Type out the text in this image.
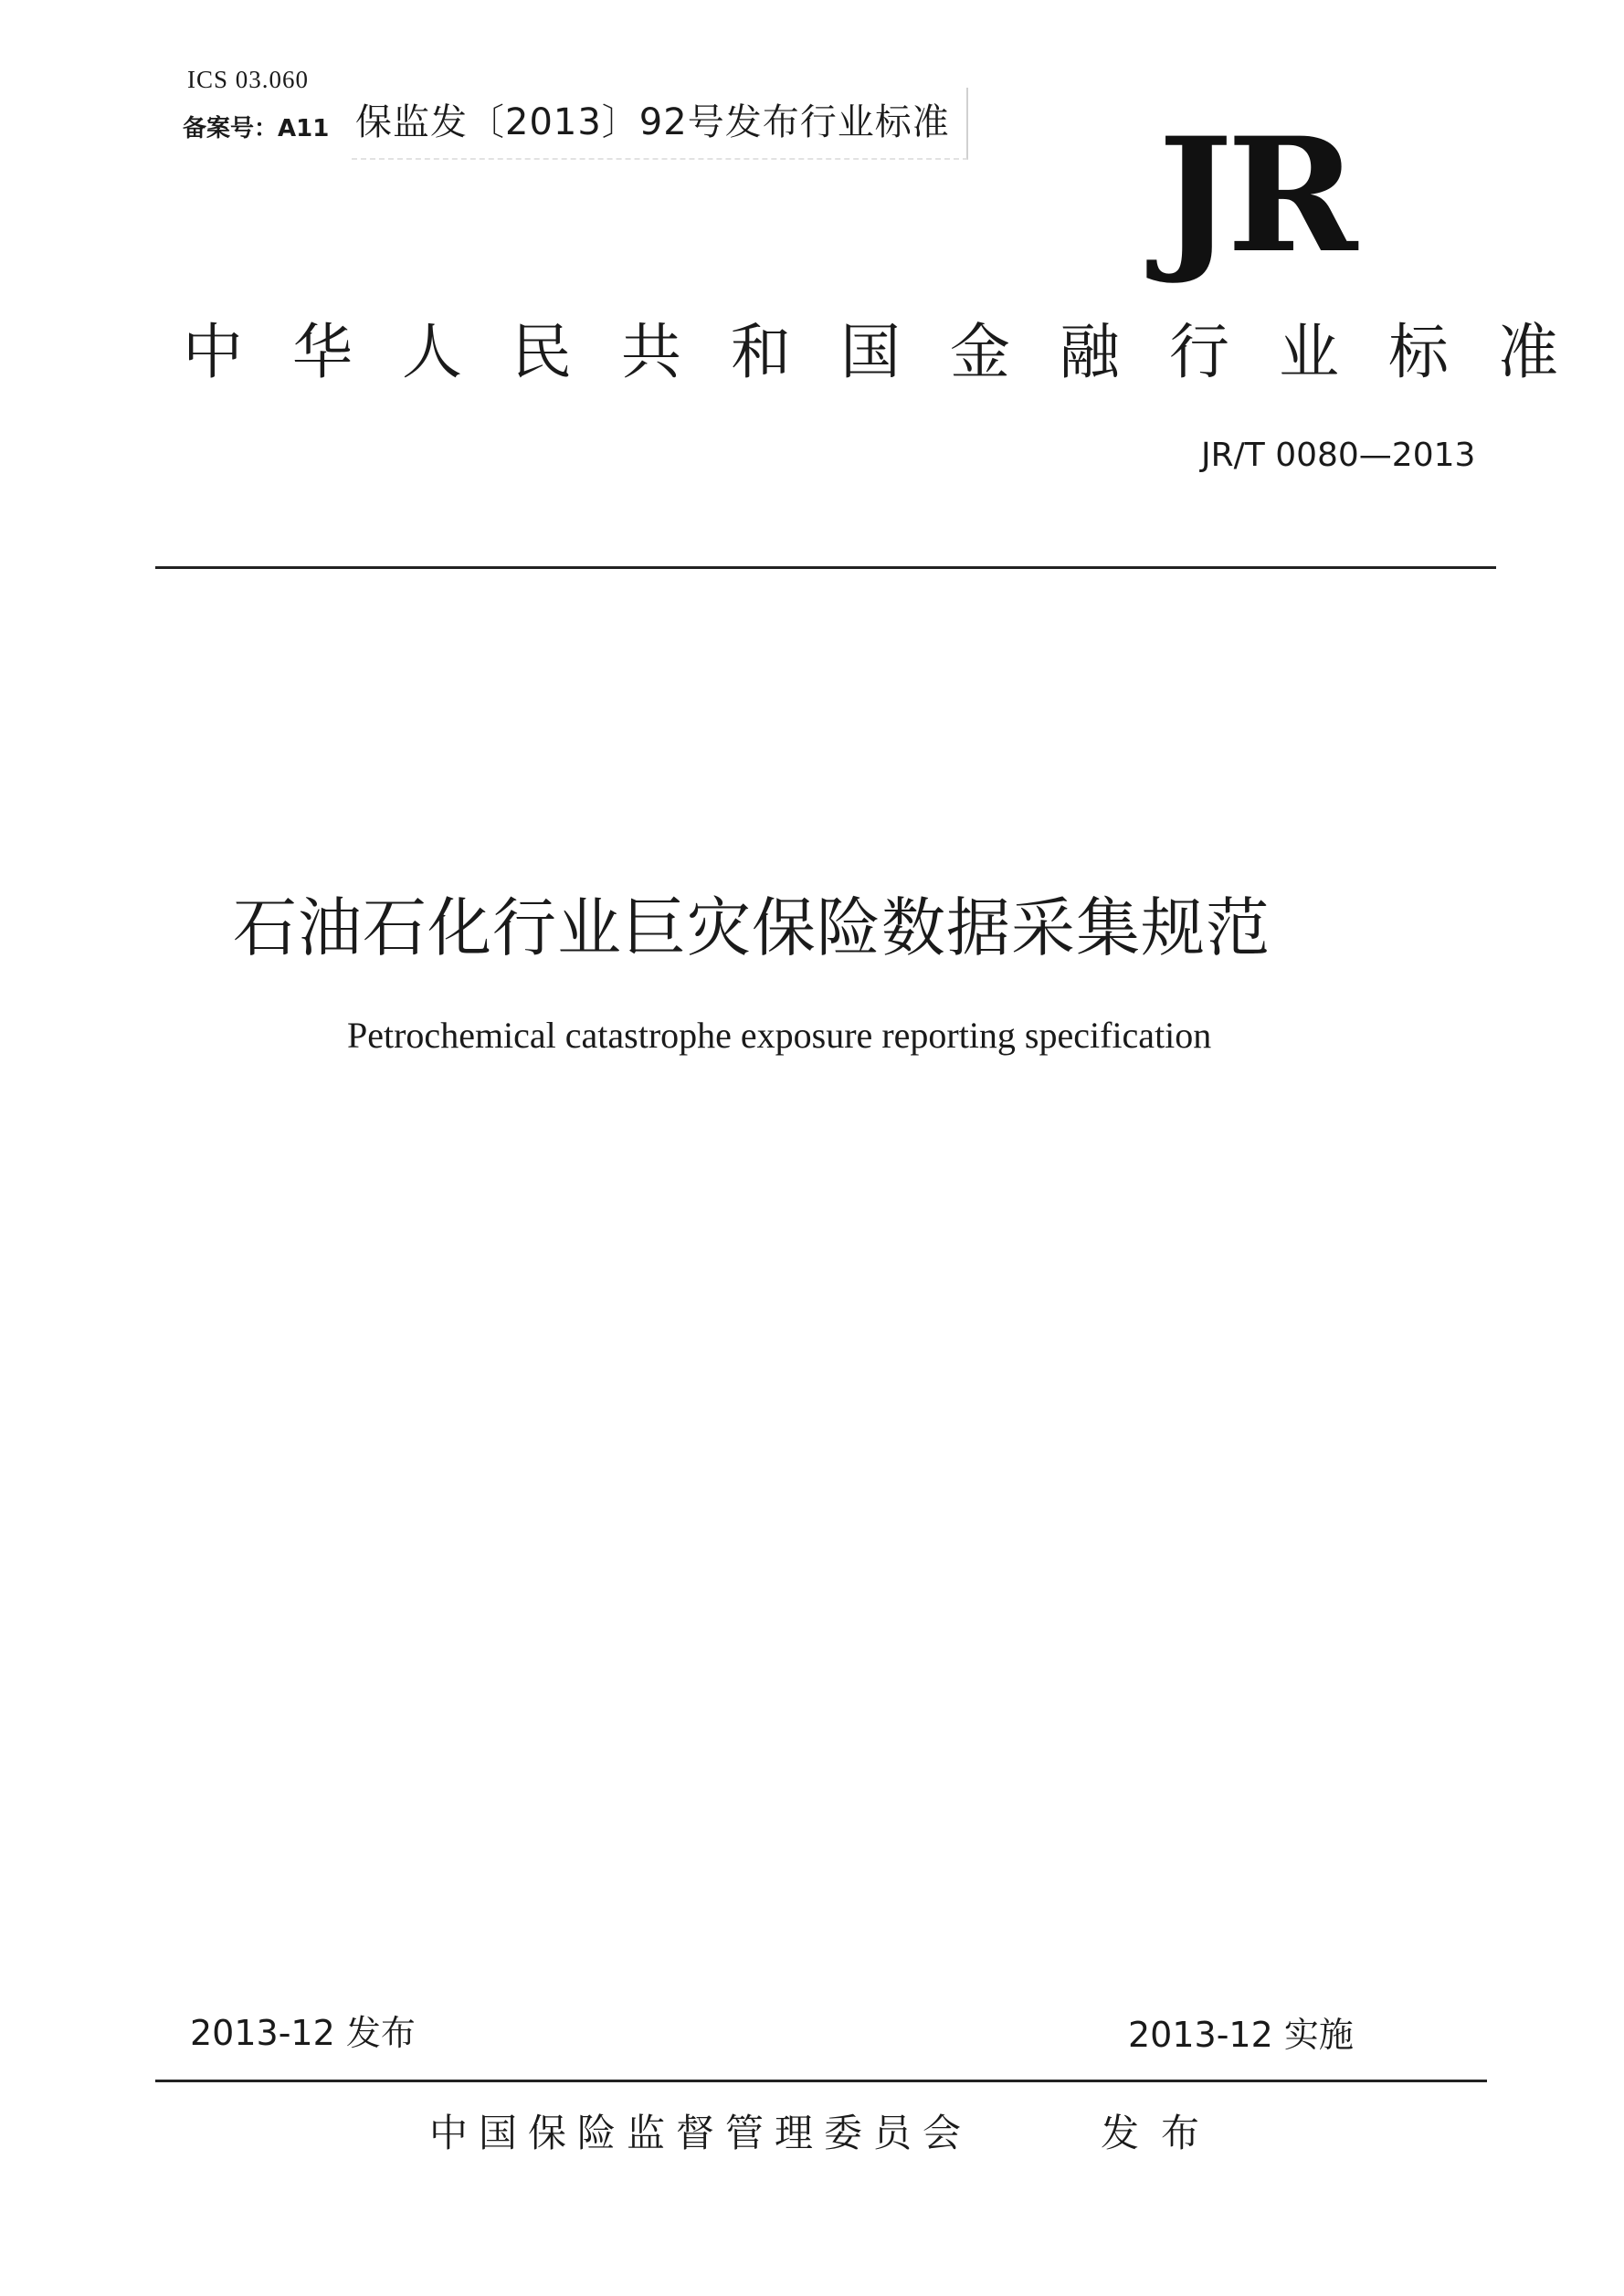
ICS 03.060
备案号：A11 保监发〔2013〕92号发布行业标准 JR
中华人民共和国金融行业标准
JR/T 0080—2013
石油石化行业巨灾保险数据采集规范
Petrochemical catastrophe exposure reporting specification
2013-12 发布	2013-12 实施
中国保险监督管理委员会	发布
